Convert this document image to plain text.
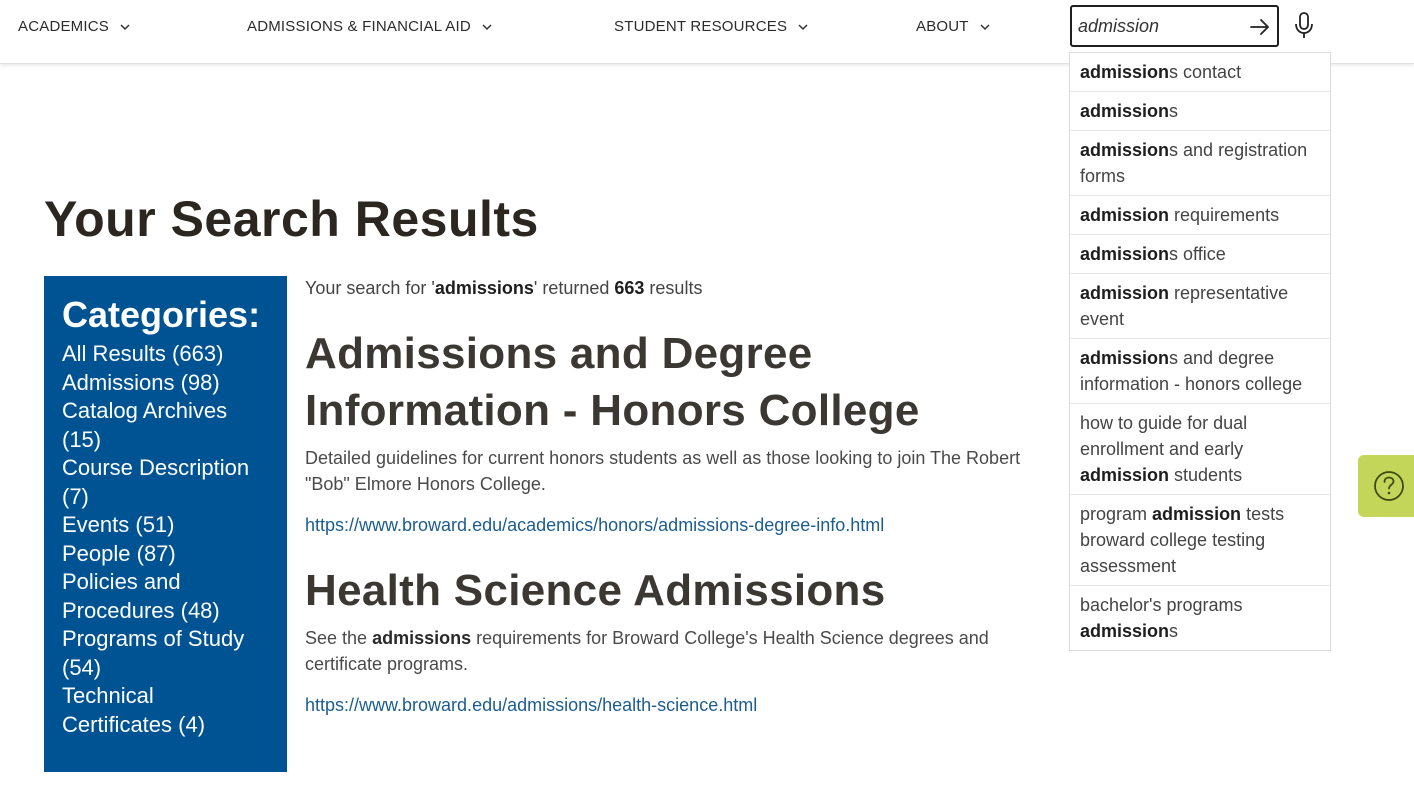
ACADEMICS	ADMISSIONS & FINANCIAL AID	STUDENT RESOURCES	ABOUT
admission
admissions contact
admissions
admissions and registration forms
admission requirements
admissions office
admission representative event
admissions and degree information - honors college
how to guide for dual enrollment and early admission students
program admission tests broward college testing assessment
bachelor's programs admissions
Your Search Results
Categories:
All Results (663)
Admissions (98)
Catalog Archives (15)
Course Description (7)
Events (51)
People (87)
Policies and Procedures (48)
Programs of Study (54)
Technical Certificates (4)

Your search for 'admissions' returned 663 results

Admissions and Degree Information - Honors College

Detailed guidelines for current honors students as well as those looking to join The Robert "Bob" Elmore Honors College.

https://www.broward.edu/academics/honors/admissions-degree-info.html
Health Science Admissions

See the admissions requirements for Broward College's Health Science degrees and certificate programs.

https://www.broward.edu/admissions/health-science.html
